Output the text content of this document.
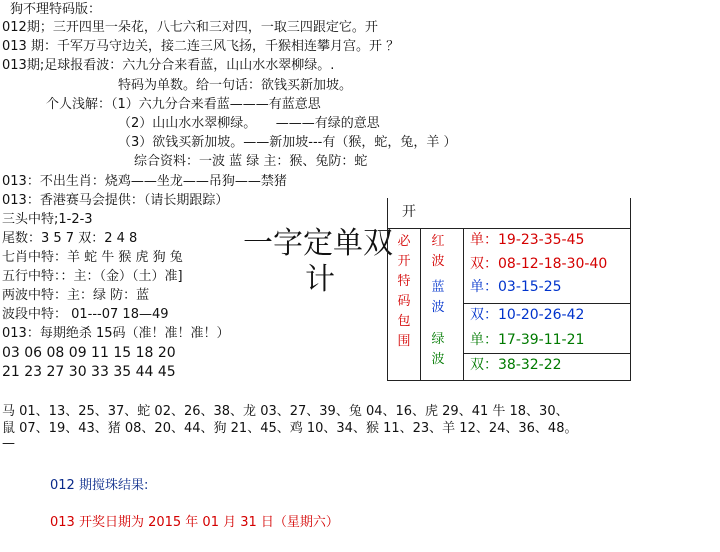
狗不理特码版：
012期；三开四里一朵花，八七六和三对四，一取三四跟定它。开
013 期：千军万马守边关，接二连三风飞扬，千猴相连攀月宫。开 ？
013期;足球报看波：六九分合来看蓝，山山水水翠柳绿。.
特码为单数。给一句话：欲钱买新加坡。
个人浅解：（1）六九分合来看蓝———有蓝意思
（2）山山水水翠柳绿。　　———有绿的意思
（3）欲钱买新加坡。——新加坡---有（猴，蛇，兔，羊 ）
综合资料：一波 蓝 绿 主：猴、兔防：蛇
013：不出生肖：烧鸡——坐龙——吊狗——禁猪
013：香港赛马会提供：（请长期跟踪）
三头中特;1-2-3
尾数：3 5 7 双：2 4 8
七肖中特：羊 蛇 牛 猴 虎 狗 兔
五行中特：：主：（金）（土）准]
两波中特：主：绿 防：蓝
波段中特： 01---07 18—49
013：每期绝杀 15码（准！准！准！）
03 06 08 09 11 15 18 20
21 23 27 30 33 35 44 45
一字定单双
计
开
必开特码包围
红波
蓝波
绿波
单：19-23-35-45
双：08-12-18-30-40
单：03-15-25
双：10-20-26-42
单：17-39-11-21
双：38-32-22
马 01、13、25、37、蛇 02、26、38、龙 03、27、39、兔 04、16、虎 29、41 牛 18、30、
鼠 07、19、43、猪 08、20、44、狗 21、45、鸡 10、34、猴 11、23、羊 12、24、36、48。
—
012 期搅珠结果:
013 开奖日期为 2015 年 01 月 31 日（星期六）
